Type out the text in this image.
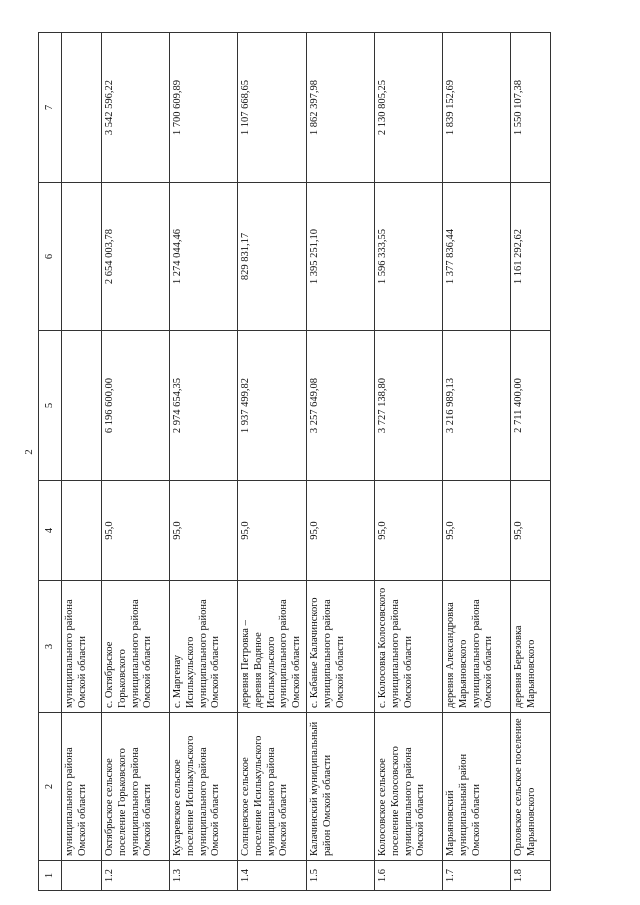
2
1	2	3	4	5	6	7
	муниципального района Омской области	муниципального района Омской области				
1.2	Октябрьское сельское поселение Горьковского муниципального района Омской области	с. Октябрьское Горьковского муниципального района Омской области	95,0	6 196 600,00	2 654 003,78	3 542 596,22
1.3	Кухаревское сельское поселение Исилькульского муниципального района Омской области	с. Маргенау Исилькульского муниципального района Омской области	95,0	2 974 654,35	1 274 044,46	1 700 609,89
1.4	Солнцевское сельское поселение Исилькульского муниципального района Омской области	деревня Петровка – деревня Водяное Исилькульского муниципального района Омской области	95,0	1 937 499,82	829 831,17	1 107 668,65
1.5	Калачинский муниципальный район Омской области	с. Кабанье Калачинского муниципального района Омской области	95,0	3 257 649,08	1 395 251,10	1 862 397,98
1.6	Колосовское сельское поселение Колосовского муниципального района Омской области	с. Колосовка Колосовского муниципального района Омской области	95,0	3 727 138,80	1 596 333,55	2 130 805,25
1.7	Марьяновский муниципальный район Омской области	деревня Александровка Марьяновского муниципального района Омской области	95,0	3 216 989,13	1 377 836,44	1 839 152,69
1.8	Орловское сельское поселение Марьяновского	деревня Березовка Марьяновского	95,0	2 711 400,00	1 161 292,62	1 550 107,38
